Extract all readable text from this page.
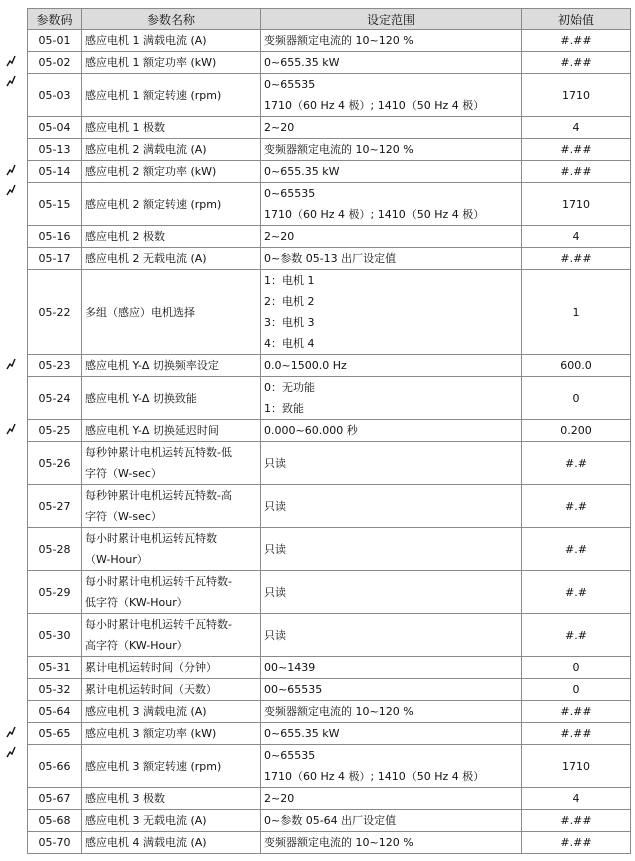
参数码	参数名称	设定范围	初始值
05-01	感应电机 1 满载电流 (A)	变频器额定电流的 10~120 %	#.##
05-02	感应电机 1 额定功率 (kW)	0~655.35 kW	#.##
05-03	感应电机 1 额定转速 (rpm)	0~65535
1710（60 Hz 4 极）; 1410（50 Hz 4 极）	1710
05-04	感应电机 1 极数	2~20	4
05-13	感应电机 2 满载电流 (A)	变频器额定电流的 10~120 %	#.##
05-14	感应电机 2 额定功率 (kW)	0~655.35 kW	#.##
05-15	感应电机 2 额定转速 (rpm)	0~65535
1710（60 Hz 4 极）; 1410（50 Hz 4 极）	1710
05-16	感应电机 2 极数	2~20	4
05-17	感应电机 2 无载电流 (A)	0~参数 05-13 出厂设定值	#.##
05-22	多组（感应）电机选择	1：电机 1
2：电机 2
3：电机 3
4：电机 4	1
05-23	感应电机 Y-Δ 切换频率设定	0.0~1500.0 Hz	600.0
05-24	感应电机 Y-Δ 切换致能	0：无功能
1：致能	0
05-25	感应电机 Y-Δ 切换延迟时间	0.000~60.000 秒	0.200
05-26	每秒钟累计电机运转瓦特数-低
字符（W-sec）	只读	#.#
05-27	每秒钟累计电机运转瓦特数-高
字符（W-sec）	只读	#.#
05-28	每小时累计电机运转瓦特数
（W-Hour）	只读	#.#
05-29	每小时累计电机运转千瓦特数-
低字符（KW-Hour）	只读	#.#
05-30	每小时累计电机运转千瓦特数-
高字符（KW-Hour）	只读	#.#
05-31	累计电机运转时间（分钟）	00~1439	0
05-32	累计电机运转时间（天数）	00~65535	0
05-64	感应电机 3 满载电流 (A)	变频器额定电流的 10~120 %	#.##
05-65	感应电机 3 额定功率 (kW)	0~655.35 kW	#.##
05-66	感应电机 3 额定转速 (rpm)	0~65535
1710（60 Hz 4 极）; 1410（50 Hz 4 极）	1710
05-67	感应电机 3 极数	2~20	4
05-68	感应电机 3 无载电流 (A)	0~参数 05-64 出厂设定值	#.##
05-70	感应电机 4 满载电流 (A)	变频器额定电流的 10~120 %	#.##
